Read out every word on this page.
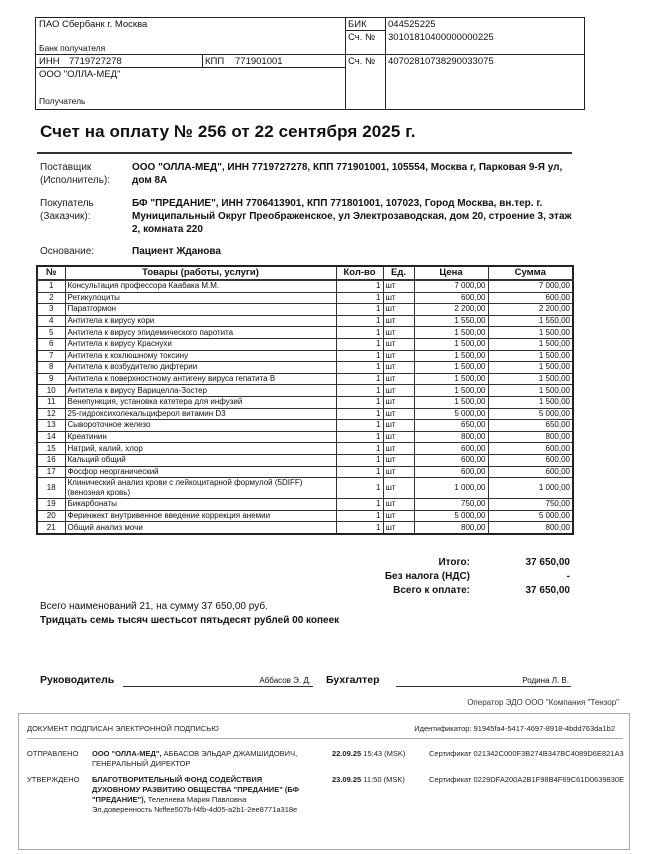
ПАО Сбербанк г. Москва
Банк получателя
БИК 044525225
Сч. № 30101810400000000225
ИНН 7719727278	КПП 771901001	Сч. № 40702810738290033075
ООО "ОЛЛА-МЕД"
Получатель
Счет на оплату № 256 от 22 сентября 2025 г.
Поставщик
(Исполнитель):
ООО "ОЛЛА-МЕД", ИНН 7719727278, КПП 771901001, 105554, Москва г, Парковая 9-Я ул, дом 8А
Покупатель
(Заказчик):
БФ "ПРЕДАНИЕ", ИНН 7706413901, КПП 771801001, 107023, Город Москва, вн.тер. г. Муниципальный Округ Преображенское, ул Электрозаводская, дом 20, строение 3, этаж 2, комната 220
Основание:	Пациент Жданова
№	Товары (работы, услуги)	Кол-во	Ед.	Цена	Сумма
1	Консультация профессора Каабака М.М.	1	шт	7 000,00	7 000,00
2	Ретикулоциты	1	шт	600,00	600,00
3	Паратгормон	1	шт	2 200,00	2 200,00
4	Антитела к вирусу кори	1	шт	1 550,00	1 550,00
5	Антитела к вирусу эпидемического паротита	1	шт	1 500,00	1 500,00
6	Антитела к вирусу Краснухи	1	шт	1 500,00	1 500,00
7	Антитела к коклюшному токсину	1	шт	1 500,00	1 500,00
8	Антитела к возбудителю дифтерии	1	шт	1 500,00	1 500,00
9	Антитела к поверхностному антигену вируса гепатита В	1	шт	1 500,00	1 500,00
10	Антитела к вирусу Варицелла-Зостер	1	шт	1 500,00	1 500,00
11	Венепункция, установка катетера для инфузий	1	шт	1 500,00	1 500,00
12	25-гидроксихолекальциферол витамин D3	1	шт	5 000,00	5 000,00
13	Сывороточное железо	1	шт	650,00	650,00
14	Креатинин	1	шт	800,00	800,00
15	Натрий, калий, хлор	1	шт	600,00	600,00
16	Кальций общий	1	шт	600,00	600,00
17	Фосфор неорганический	1	шт	600,00	600,00
18	Клинический анализ крови с лейкоцитарной формулой (5DIFF) (венозная кровь)	1	шт	1 000,00	1 000,00
19	Бикарбонаты	1	шт	750,00	750,00
20	Феринжект внутривенное введение коррекция анемии	1	шт	5 000,00	5 000,00
21	Общий анализ мочи	1	шт	800,00	800,00
Итого:	37 650,00
Без налога (НДС)	-
Всего к оплате:	37 650,00
Всего наименований 21, на сумму 37 650,00 руб.
Тридцать семь тысяч шестьсот пятьдесят рублей 00 копеек
Руководитель	Аббасов Э. Д. Бухгалтер	Родина Л. В.
ДОКУМЕНТ ПОДПИСАН ЭЛЕКТРОННОЙ ПОДПИСЬЮ	Идентификатор: 91945fa4-5417-4697-8918-4bdd763da1b2
ОТПРАВЛЕНО ООО "ОЛЛА-МЕД", АББАСОВ ЭЛЬДАР ДЖАМШИДОВИЧ,
ГЕНЕРАЛЬНЫЙ ДИРЕКТОР
22.09.25 15:43 (MSK)	Сертификат 021342C000F3B274B347BC4089D6E821A3
УТВЕРЖДЕНО БЛАГОТВОРИТЕЛЬНЫЙ ФОНД СОДЕЙСТВИЯ
ДУХОВНОМУ РАЗВИТИЮ ОБЩЕСТВА "ПРЕДАНИЕ" (БФ
"ПРЕДАНИЕ"), Телепнева Мария Павловна
Эл.доверенность №ffee507b-f4fb-4d05-a2b1-2ee8771a318e
23.09.25 11:50 (MSK)	Сертификат 0229DFA200A2B1F98B4F69C61D0639830E
Оператор ЭДО ООО "Компания "Тензор"
